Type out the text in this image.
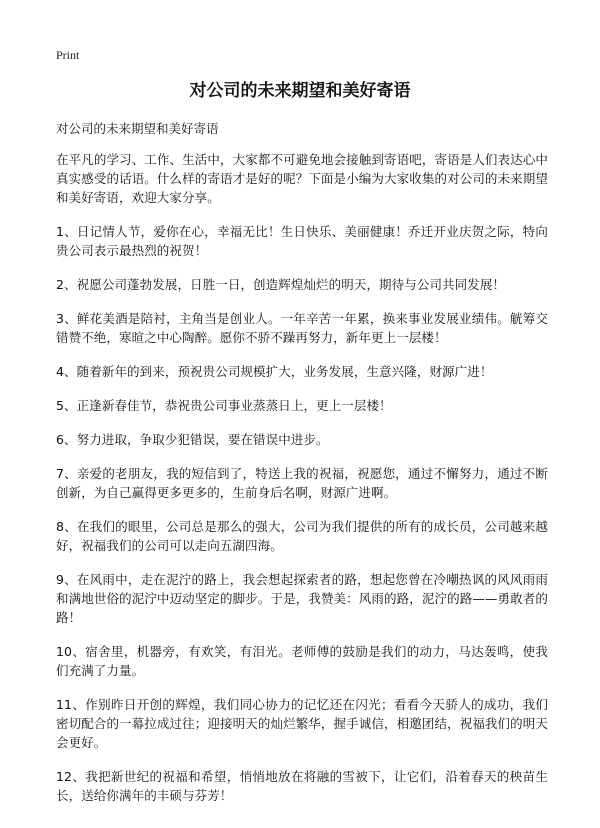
Print
对公司的未来期望和美好寄语

对公司的未来期望和美好寄语

在平凡的学习、工作、生活中，大家都不可避免地会接触到寄语吧，寄语是人们表达心中真实感受的话语。什么样的寄语才是好的呢？下面是小编为大家收集的对公司的未来期望和美好寄语，欢迎大家分享。

1、日记情人节，爱你在心，幸福无比！生日快乐、美丽健康！乔迁开业庆贺之际，特向贵公司表示最热烈的祝贺！

2、祝愿公司蓬勃发展，日胜一日，创造辉煌灿烂的明天，期待与公司共同发展！

3、鲜花美酒是陪衬，主角当是创业人。一年辛苦一年累，换来事业发展业绩伟。觥筹交错赞不绝，寒暄之中心陶醉。愿你不骄不躁再努力，新年更上一层楼！

4、随着新年的到来，预祝贵公司规模扩大，业务发展，生意兴隆，财源广进！

5、正逢新春佳节，恭祝贵公司事业蒸蒸日上，更上一层楼！

6、努力进取，争取少犯错误，要在错误中进步。

7、亲爱的老朋友，我的短信到了，特送上我的祝福，祝愿您，通过不懈努力，通过不断创新，为自己赢得更多更多的，生前身后名啊，财源广进啊。

8、在我们的眼里，公司总是那么的强大，公司为我们提供的所有的成长员，公司越来越好，祝福我们的公司可以走向五湖四海。

9、在风雨中，走在泥泞的路上，我会想起探索者的路，想起您曾在冷嘲热讽的风风雨雨和满地世俗的泥泞中迈动坚定的脚步。于是，我赞美：风雨的路，泥泞的路——勇敢者的路！

10、宿舍里，机器旁，有欢笑，有泪光。老师傅的鼓励是我们的动力，马达轰鸣，使我们充满了力量。

11、作别昨日开创的辉煌，我们同心协力的记忆还在闪光；看看今天骄人的成功，我们密切配合的一幕拉成过往；迎接明天的灿烂繁华，握手诚信，相邀团结，祝福我们的明天会更好。

12、我把新世纪的祝福和希望，悄悄地放在将融的雪被下，让它们，沿着春天的秧苗生长，送给你满年的丰硕与芬芳！
